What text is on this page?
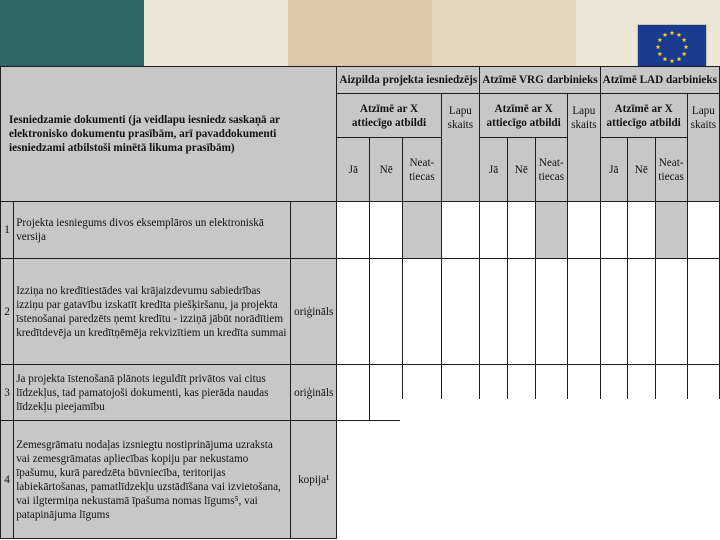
Iesniedzamie dokumenti (ja veidlapu iesniedz saskaņā ar elektronisko dokumentu prasībām, arī pavaddokumenti iesniedzami atbilstoši minētā likuma prasībām)			Aizpilda projekta iesniedzējs				Atzīmē VRG darbinieks				Atzīmē LAD darbinieks			
			Atzīmē ar X attiecīgo atbildi			Lapu skaits	Atzīmē ar X attiecīgo atbildi			Lapu skaits	Atzīmē ar X attiecīgo atbildi			Lapu skaits
			Jā	Nē	Neat-tiecas		Jā	Nē	Neat-tiecas		Jā	Nē	Neat-tiecas	
1	Projekta iesniegums divos eksemplāros un elektroniskā versija													
2	Izziņa no kredītiestādes vai krājaizdevumu sabiedrības izziņu par gatavību izskatīt kredīta piešķiršanu, ja projekta īstenošanai paredzēts ņemt kredītu - izziņā jābūt norādītiem kredītdevēja un kredītņēmēja rekvizītiem un kredīta summai	oriģināls												
3	Ja projekta īstenošanā plānots ieguldīt privātos vai citus līdzekļus, tad pamatojoši dokumenti, kas pierāda naudas līdzekļu pieejamību	oriģināls												
4	Zemesgrāmatu nodaļas izsniegtu nostiprinājuma uzraksta vai zemesgrāmatas apliecības kopiju par nekustamo īpašumu, kurā paredzēta būvniecība, teritorijas labiekārtošanas, pamatlīdzekļu uzstādīšana vai izvietošana, vai ilgtermiņa nekustamā īpašuma nomas līgums⁵, vai patapinājuma līgums	kopija¹												
